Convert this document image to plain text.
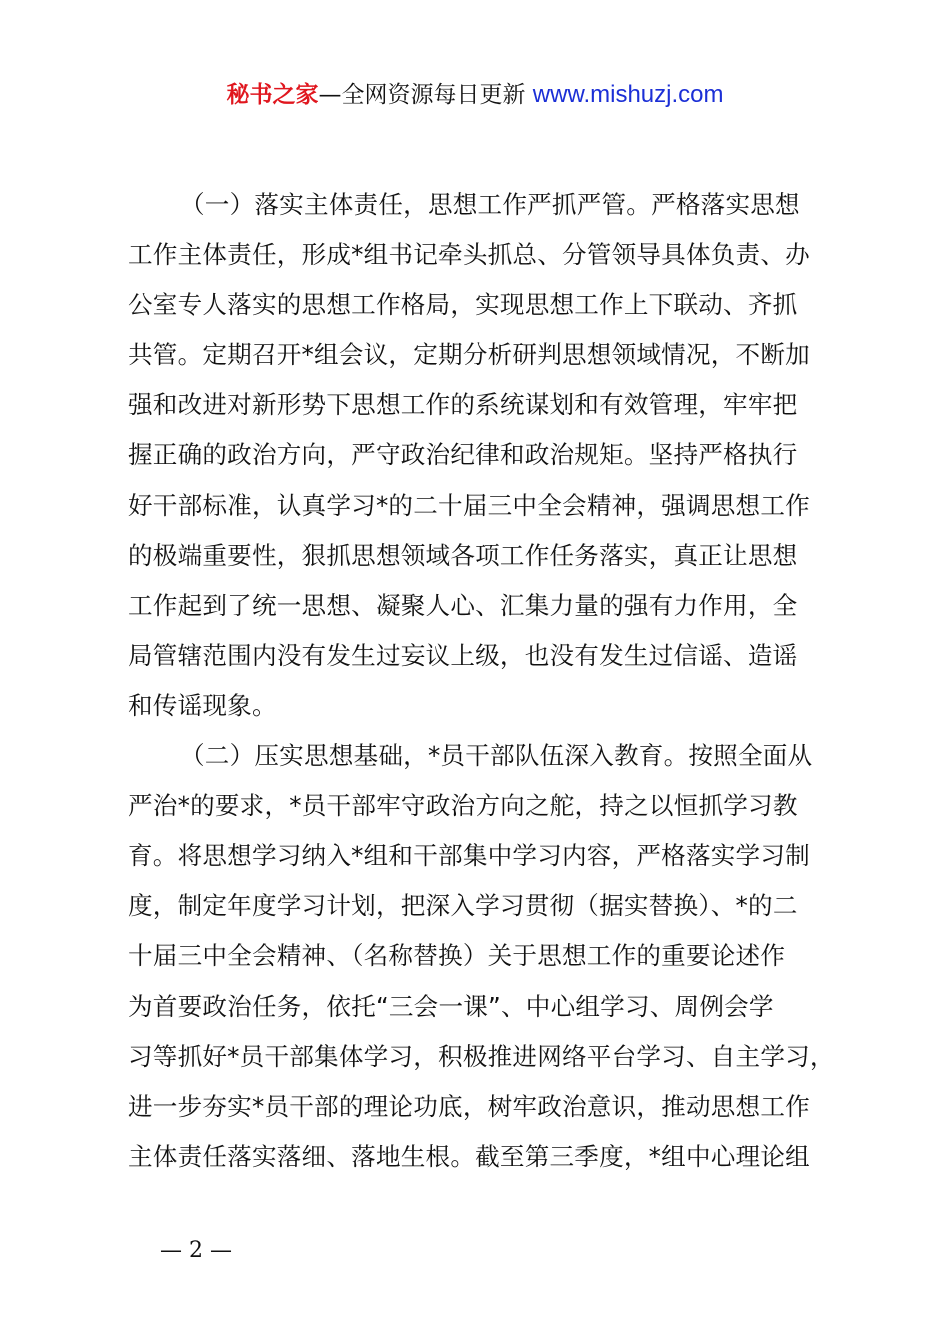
秘书之家—全网资源每日更新 www.mishuzj.com
（一）落实主体责任，思想工作严抓严管。严格落实思想
工作主体责任，形成*组书记牵头抓总、分管领导具体负责、办
公室专人落实的思想工作格局，实现思想工作上下联动、齐抓
共管。定期召开*组会议，定期分析研判思想领域情况，不断加
强和改进对新形势下思想工作的系统谋划和有效管理，牢牢把
握正确的政治方向，严守政治纪律和政治规矩。坚持严格执行
好干部标准，认真学习*的二十届三中全会精神，强调思想工作
的极端重要性，狠抓思想领域各项工作任务落实，真正让思想
工作起到了统一思想、凝聚人心、汇集力量的强有力作用，全
局管辖范围内没有发生过妄议上级，也没有发生过信谣、造谣
和传谣现象。
（二）压实思想基础，*员干部队伍深入教育。按照全面从
严治*的要求，*员干部牢守政治方向之舵，持之以恒抓学习教
育。将思想学习纳入*组和干部集中学习内容，严格落实学习制
度，制定年度学习计划，把深入学习贯彻（据实替换）、*的二
十届三中全会精神、（名称替换）关于思想工作的重要论述作
为首要政治任务，依托“三会一课”、中心组学习、周例会学
习等抓好*员干部集体学习，积极推进网络平台学习、自主学习，
进一步夯实*员干部的理论功底，树牢政治意识，推动思想工作
主体责任落实落细、落地生根。截至第三季度，*组中心理论组
— 2 —
